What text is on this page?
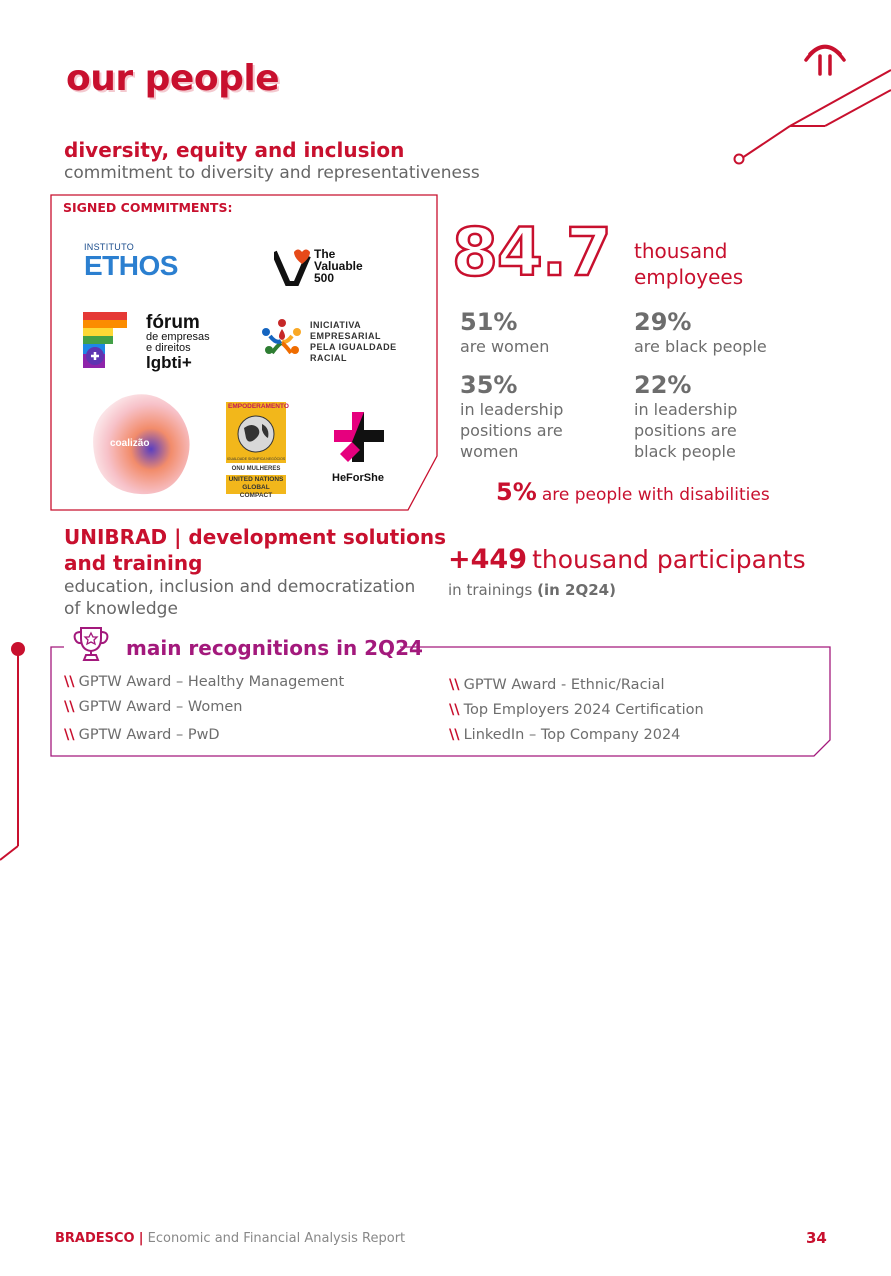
our people
diversity, equity and inclusion
commitment to diversity and representativeness
SIGNED COMMITMENTS:
INSTITUTO
ETHOS	The
Valuable
500
fórum
de empresas
e direitos
lgbti+
INICIATIVA
EMPRESARIAL
PELA IGUALDADE
RACIAL
coalizão
EMPODERAMENTO
IGUALDADE SIGNIFICA NEGÓCIOS
ONU MULHERES
UNITED NATIONS
GLOBAL COMPACT
HeForShe
84.7 thousand
employees
51%
are women
29%
are black people
35%
in leadership
positions are
women
22%
in leadership
positions are
black people
5% are people with disabilities
UNIBRAD | development solutions
and training
education, inclusion and democratization
of knowledge
+449 thousand participants
in trainings (in 2Q24)
main recognitions in 2Q24
\\ GPTW Award – Healthy Management
\\ GPTW Award – Women
\\ GPTW Award – PwD
\\ GPTW Award - Ethnic/Racial
\\ Top Employers 2024 Certification
\\ LinkedIn – Top Company 2024
BRADESCO | Economic and Financial Analysis Report	34
